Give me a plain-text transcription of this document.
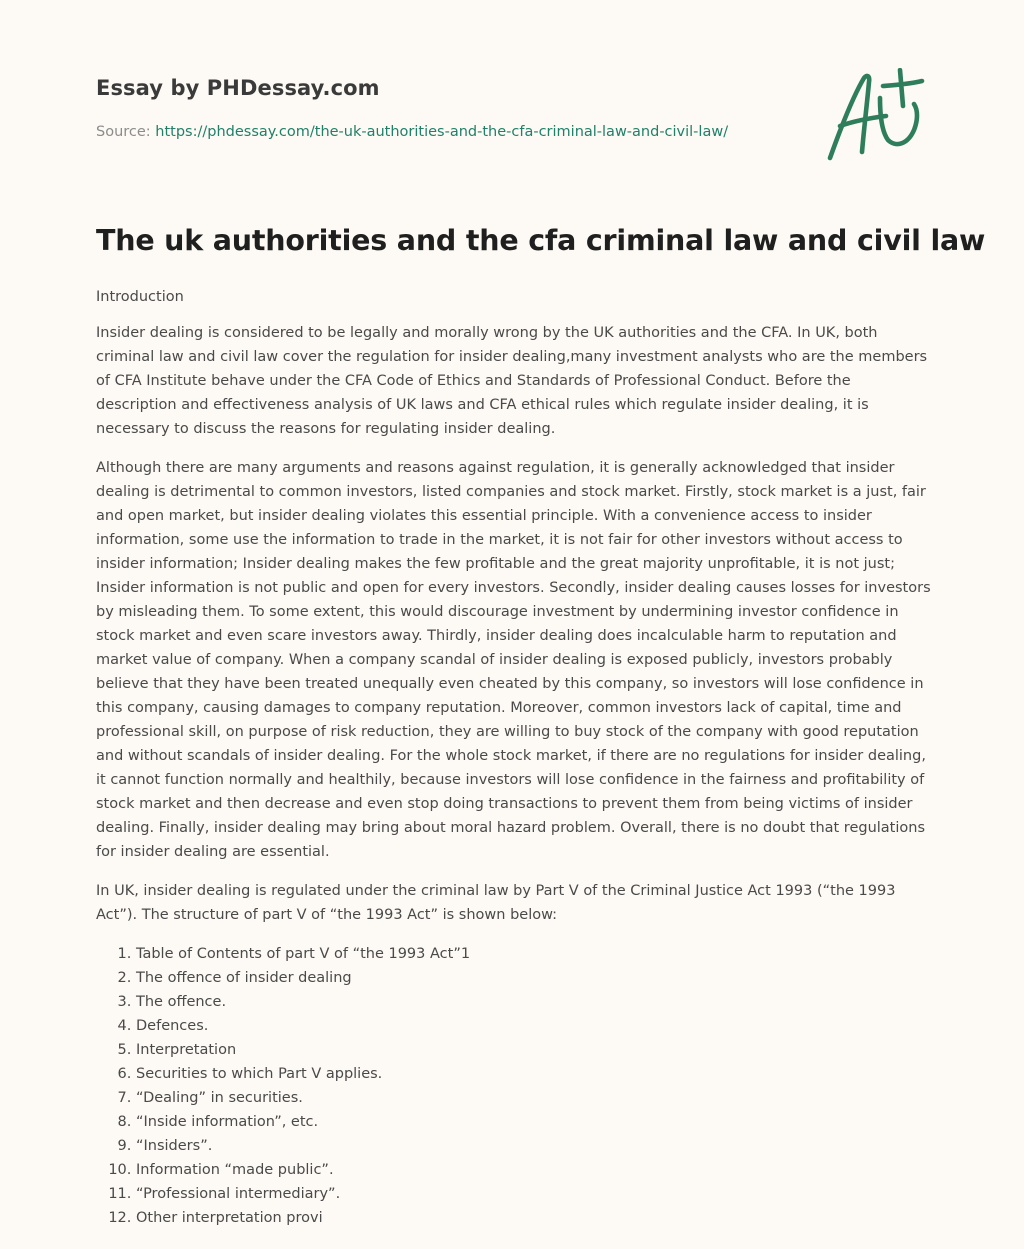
Essay by PHDessay.com
Source: https://phdessay.com/the-uk-authorities-and-the-cfa-criminal-law-and-civil-law/
The uk authorities and the cfa criminal law and civil law

Introduction

Insider dealing is considered to be legally and morally wrong by the UK authorities and the CFA. In UK, both criminal law and civil law cover the regulation for insider dealing,many investment analysts who are the members of CFA Institute behave under the CFA Code of Ethics and Standards of Professional Conduct. Before the description and effectiveness analysis of UK laws and CFA ethical rules which regulate insider dealing, it is necessary to discuss the reasons for regulating insider dealing.

Although there are many arguments and reasons against regulation, it is generally acknowledged that insider dealing is detrimental to common investors, listed companies and stock market. Firstly, stock market is a just, fair and open market, but insider dealing violates this essential principle. With a convenience access to insider information, some use the information to trade in the market, it is not fair for other investors without access to insider information; Insider dealing makes the few profitable and the great majority unprofitable, it is not just; Insider information is not public and open for every investors. Secondly, insider dealing causes losses for investors by misleading them. To some extent, this would discourage investment by undermining investor confidence in stock market and even scare investors away. Thirdly, insider dealing does incalculable harm to reputation and market value of company. When a company scandal of insider dealing is exposed publicly, investors probably believe that they have been treated unequally even cheated by this company, so investors will lose confidence in this company, causing damages to company reputation. Moreover, common investors lack of capital, time and professional skill, on purpose of risk reduction, they are willing to buy stock of the company with good reputation and without scandals of insider dealing. For the whole stock market, if there are no regulations for insider dealing, it cannot function normally and healthily, because investors will lose confidence in the fairness and profitability of stock market and then decrease and even stop doing transactions to prevent them from being victims of insider dealing. Finally, insider dealing may bring about moral hazard problem. Overall, there is no doubt that regulations for insider dealing are essential.

In UK, insider dealing is regulated under the criminal law by Part V of the Criminal Justice Act 1993 (“the 1993 Act”). The structure of part V of “the 1993 Act” is shown below:

1. Table of Contents of part V of “the 1993 Act”1
2. The offence of insider dealing
3. The offence.
4. Defences.
5. Interpretation
6. Securities to which Part V applies.
7. “Dealing” in securities.
8. “Inside information”, etc.
9. “Insiders”.
10. Information “made public”.
11. “Professional intermediary”.
12. Other interpretation provi
